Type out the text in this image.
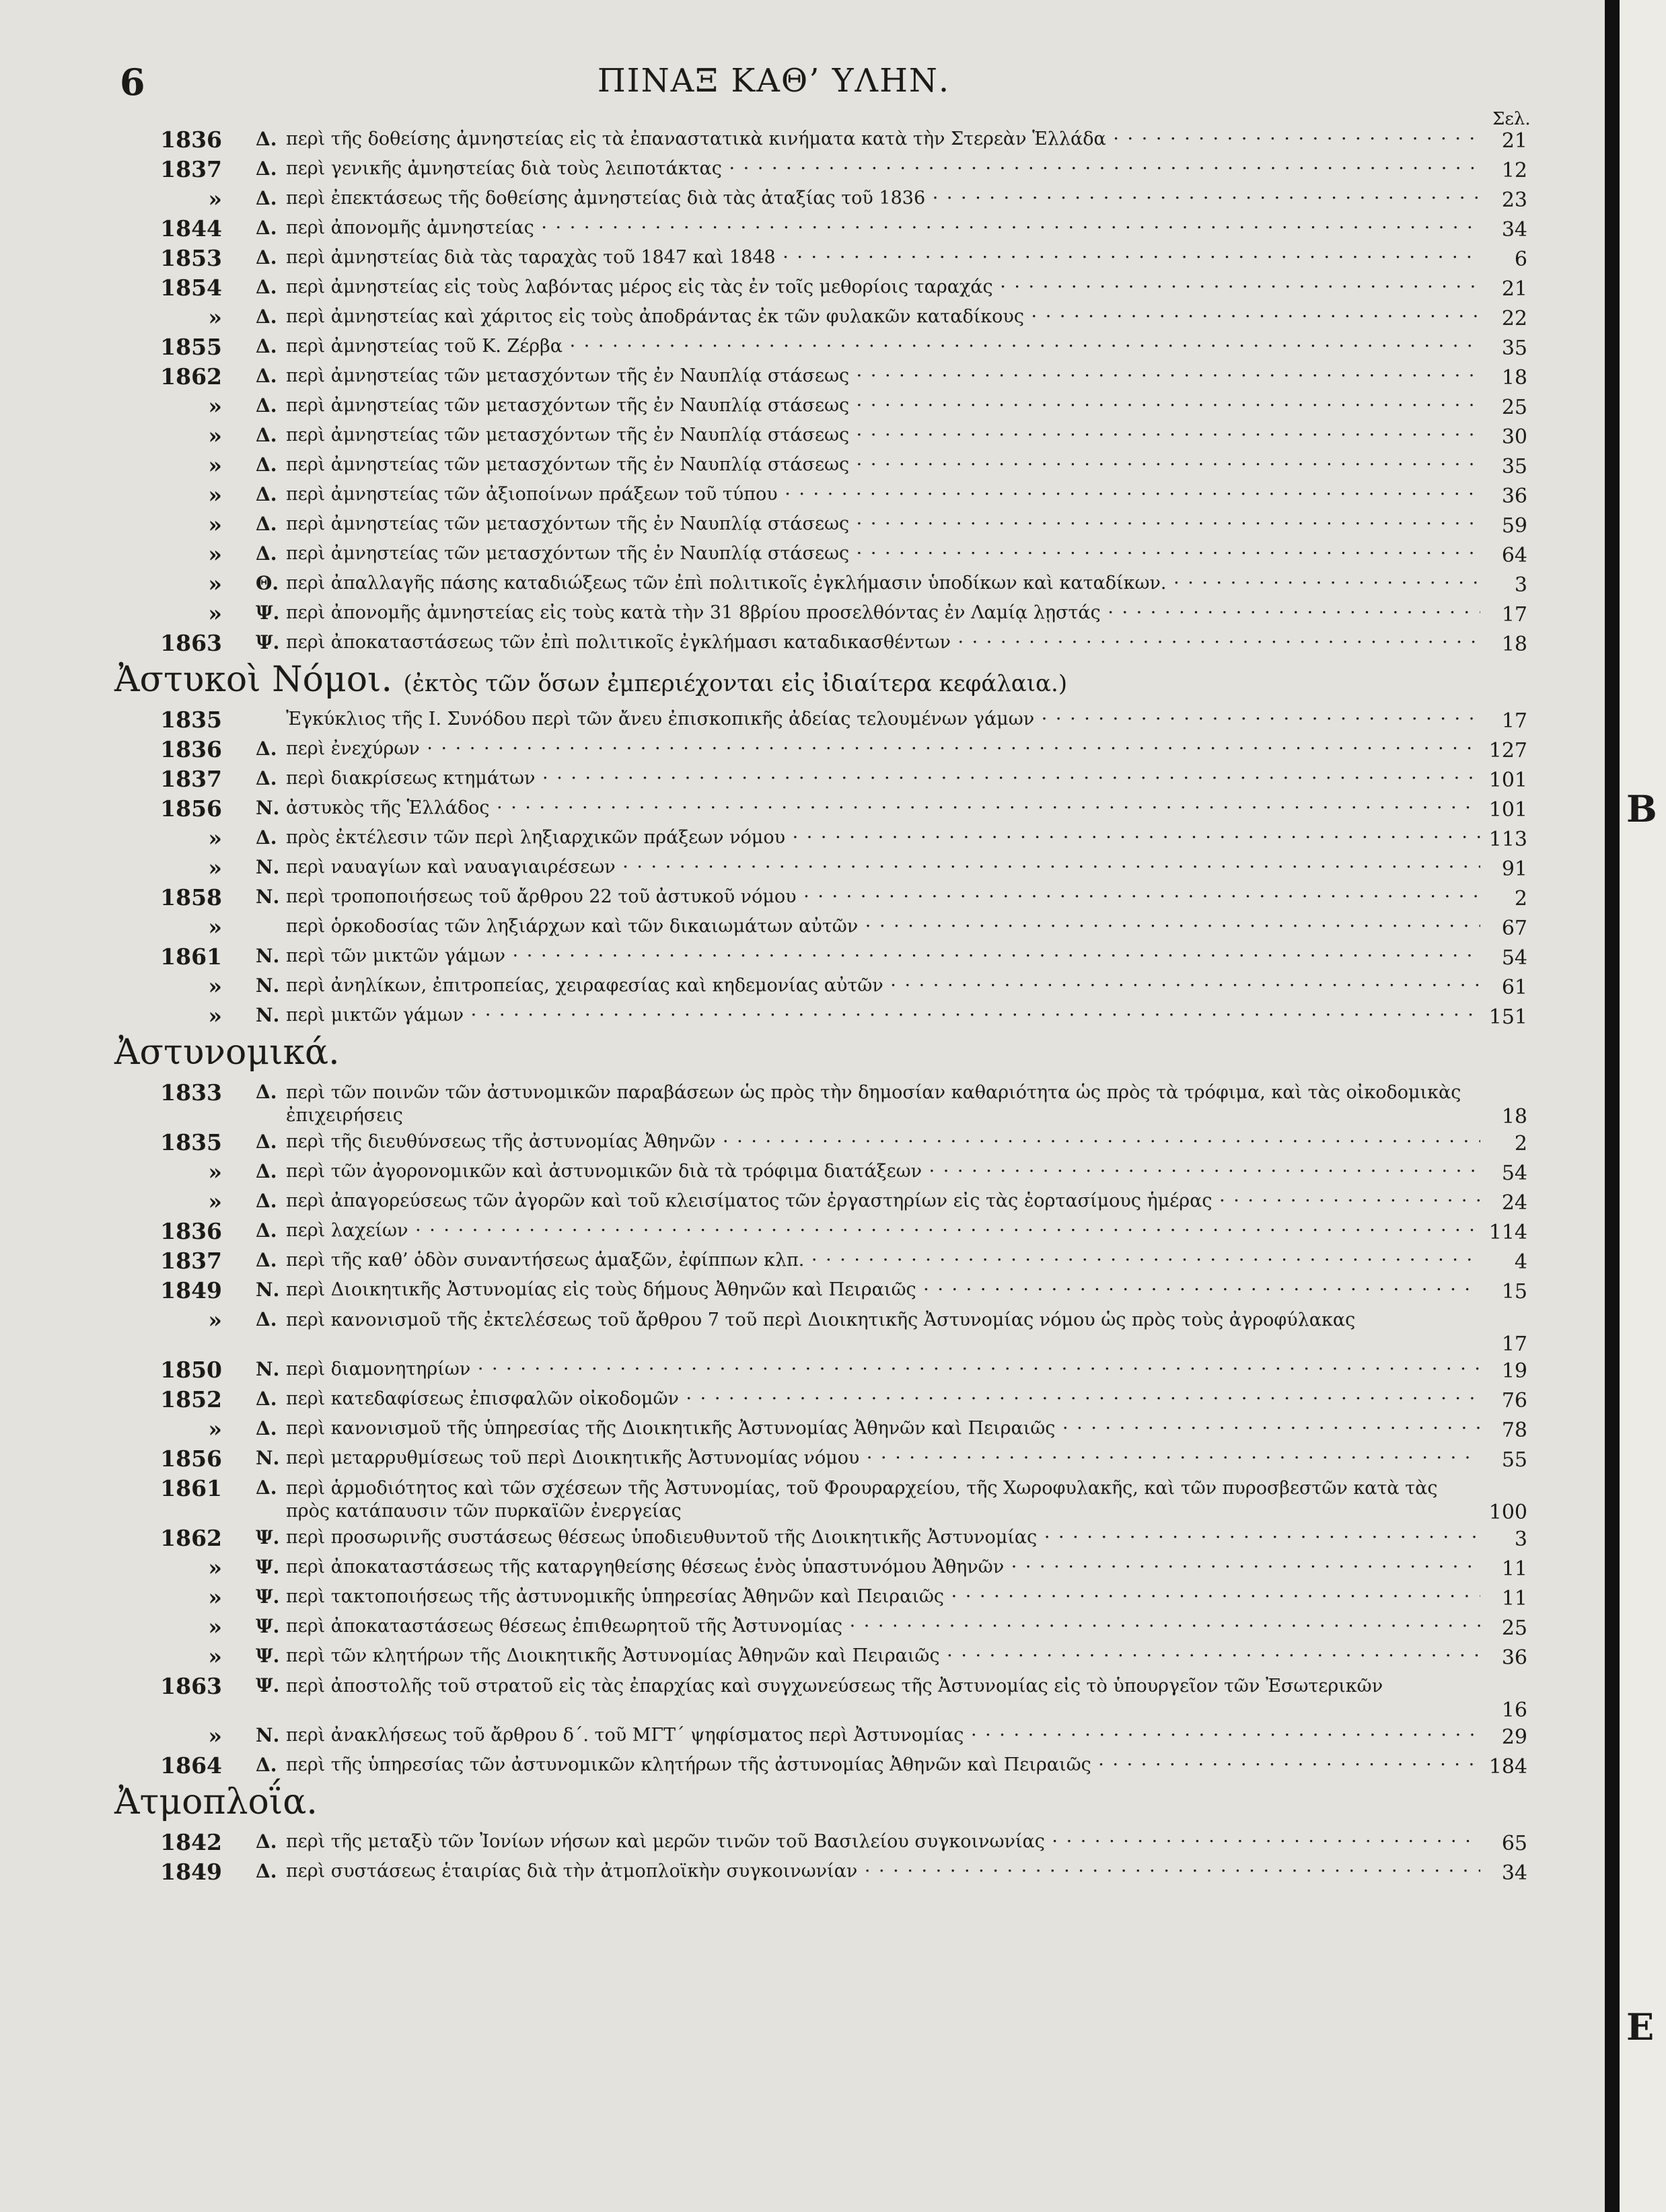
6	ΠΙΝΑΞ ΚΑΘ’ ΥΛΗΝ.
Σελ.
1836 Δ. περὶ τῆς δοθείσης ἀμνηστείας εἰς τὰ ἐπαναστατικὰ κινήματα κατὰ τὴν Στερεὰν Ἑλλάδα · · ·	21
1837 Δ. περὶ γενικῆς ἀμνηστείας διὰ τοὺς λειποτάκτας · · ·	12
» Δ. περὶ ἐπεκτάσεως τῆς δοθείσης ἀμνηστείας διὰ τὰς ἀταξίας τοῦ 1836 · · ·	23
1844 Δ. περὶ ἀπονομῆς ἀμνηστείας · · ·	34
1853 Δ. περὶ ἀμνηστείας διὰ τὰς ταραχὰς τοῦ 1847 καὶ 1848 · · ·	6
1854 Δ. περὶ ἀμνηστείας εἰς τοὺς λαβόντας μέρος εἰς τὰς ἐν τοῖς μεθορίοις ταραχάς · · ·	21
» Δ. περὶ ἀμνηστείας καὶ χάριτος εἰς τοὺς ἀποδράντας ἐκ τῶν φυλακῶν καταδίκους · · ·	22
1855 Δ. περὶ ἀμνηστείας τοῦ Κ. Ζέρβα · · ·	35
1862 Δ. περὶ ἀμνηστείας τῶν μετασχόντων τῆς ἐν Ναυπλίᾳ στάσεως · · ·	18
» Δ. περὶ ἀμνηστείας τῶν μετασχόντων τῆς ἐν Ναυπλίᾳ στάσεως · · ·	25
» Δ. περὶ ἀμνηστείας τῶν μετασχόντων τῆς ἐν Ναυπλίᾳ στάσεως · · ·	30
» Δ. περὶ ἀμνηστείας τῶν μετασχόντων τῆς ἐν Ναυπλίᾳ στάσεως · · ·	35
» Δ. περὶ ἀμνηστείας τῶν ἀξιοποίνων πράξεων τοῦ τύπου · · ·	36
» Δ. περὶ ἀμνηστείας τῶν μετασχόντων τῆς ἐν Ναυπλίᾳ στάσεως · · ·	59
» Δ. περὶ ἀμνηστείας τῶν μετασχόντων τῆς ἐν Ναυπλίᾳ στάσεως · · ·	64
» Θ. περὶ ἀπαλλαγῆς πάσης καταδιώξεως τῶν ἐπὶ πολιτικοῖς ἐγκλήμασιν ὑποδίκων καὶ καταδίκων. · · ·	3
» Ψ. περὶ ἀπονομῆς ἀμνηστείας εἰς τοὺς κατὰ τὴν 31 8βρίου προσελθόντας ἐν Λαμίᾳ λῃστάς · · ·	17
1863 Ψ. περὶ ἀποκαταστάσεως τῶν ἐπὶ πολιτικοῖς ἐγκλήμασι καταδικασθέντων · · ·	18
Ἀστυκοὶ Νόμοι. (ἐκτὸς τῶν ὅσων ἐμπεριέχονται εἰς ἰδιαίτερα κεφάλαια.)
1835	Ἐγκύκλιος τῆς Ι. Συνόδου περὶ τῶν ἄνευ ἐπισκοπικῆς ἀδείας τελουμένων γάμων · · ·	17
1836 Δ. περὶ ἐνεχύρων · · ·	127
1837 Δ. περὶ διακρίσεως κτημάτων · · ·	101
1856 Ν. ἀστυκὸς τῆς Ἑλλάδος · · ·	101
» Δ. πρὸς ἐκτέλεσιν τῶν περὶ ληξιαρχικῶν πράξεων νόμου · · ·	113
» Ν. περὶ ναυαγίων καὶ ναυαγιαιρέσεων · · ·	91
1858 Ν. περὶ τροποποιήσεως τοῦ ἄρθρου 22 τοῦ ἀστυκοῦ νόμου · · ·	2
»	περὶ ὁρκοδοσίας τῶν ληξιάρχων καὶ τῶν δικαιωμάτων αὐτῶν · · ·	67
1861 Ν. περὶ τῶν μικτῶν γάμων · · ·	54
» Ν. περὶ ἀνηλίκων, ἐπιτροπείας, χειραφεσίας καὶ κηδεμονίας αὐτῶν · · ·	61
» Ν. περὶ μικτῶν γάμων · · ·	151
Ἀστυνομικά.
1833 Δ. περὶ τῶν ποινῶν τῶν ἀστυνομικῶν παραβάσεων ὡς πρὸς τὴν δημοσίαν καθαριότητα ὡς πρὸς τὰ τρόφιμα, καὶ τὰς οἰκοδομικὰς ἐπιχειρήσεις	18
1835 Δ. περὶ τῆς διευθύνσεως τῆς ἀστυνομίας Ἀθηνῶν · · ·	2
» Δ. περὶ τῶν ἀγορονομικῶν καὶ ἀστυνομικῶν διὰ τὰ τρόφιμα διατάξεων · · ·	54
» Δ. περὶ ἀπαγορεύσεως τῶν ἀγορῶν καὶ τοῦ κλεισίματος τῶν ἐργαστηρίων εἰς τὰς ἑορτασίμους ἡμέρας · · ·	24
1836 Δ. περὶ λαχείων · · ·	114
1837 Δ. περὶ τῆς καθ’ ὁδὸν συναντήσεως ἁμαξῶν, ἐφίππων κλπ. · · ·	4
1849 Ν. περὶ Διοικητικῆς Ἀστυνομίας εἰς τοὺς δήμους Ἀθηνῶν καὶ Πειραιῶς · · ·	15
» Δ. περὶ κανονισμοῦ τῆς ἐκτελέσεως τοῦ ἄρθρου 7 τοῦ περὶ Διοικητικῆς Ἀστυνομίας νόμου ὡς πρὸς τοὺς ἀγροφύλακας
17
1850 Ν. περὶ διαμονητηρίων · · ·	19
1852 Δ. περὶ κατεδαφίσεως ἐπισφαλῶν οἰκοδομῶν · · ·	76
» Δ. περὶ κανονισμοῦ τῆς ὑπηρεσίας τῆς Διοικητικῆς Ἀστυνομίας Ἀθηνῶν καὶ Πειραιῶς · · ·	78
1856 Ν. περὶ μεταρρυθμίσεως τοῦ περὶ Διοικητικῆς Ἀστυνομίας νόμου · · ·	55
1861 Δ. περὶ ἁρμοδιότητος καὶ τῶν σχέσεων τῆς Ἀστυνομίας, τοῦ Φρουραρχείου, τῆς Χωροφυλακῆς, καὶ τῶν πυροσβεστῶν κατὰ τὰς πρὸς κατάπαυσιν τῶν πυρκαϊῶν ἐνεργείας	100
1862 Ψ. περὶ προσωρινῆς συστάσεως θέσεως ὑποδιευθυντοῦ τῆς Διοικητικῆς Ἀστυνομίας · · ·	3
» Ψ. περὶ ἀποκαταστάσεως τῆς καταργηθείσης θέσεως ἑνὸς ὑπαστυνόμου Ἀθηνῶν · · ·	11
» Ψ. περὶ τακτοποιήσεως τῆς ἀστυνομικῆς ὑπηρεσίας Ἀθηνῶν καὶ Πειραιῶς · · ·	11
» Ψ. περὶ ἀποκαταστάσεως θέσεως ἐπιθεωρητοῦ τῆς Ἀστυνομίας · · ·	25
» Ψ. περὶ τῶν κλητήρων τῆς Διοικητικῆς Ἀστυνομίας Ἀθηνῶν καὶ Πειραιῶς · · ·	36
1863 Ψ. περὶ ἀποστολῆς τοῦ στρατοῦ εἰς τὰς ἐπαρχίας καὶ συγχωνεύσεως τῆς Ἀστυνομίας εἰς τὸ ὑπουργεῖον τῶν Ἐσωτερικῶν
16
» Ν. περὶ ἀνακλήσεως τοῦ ἄρθρου δ΄. τοῦ ΜΓΤ΄ ψηφίσματος περὶ Ἀστυνομίας · · ·	29
1864 Δ. περὶ τῆς ὑπηρεσίας τῶν ἀστυνομικῶν κλητήρων τῆς ἀστυνομίας Ἀθηνῶν καὶ Πειραιῶς · · ·	184
Ἀτμοπλοΐα.
1842 Δ. περὶ τῆς μεταξὺ τῶν Ἰονίων νήσων καὶ μερῶν τινῶν τοῦ Βασιλείου συγκοινωνίας · · ·	65
1849 Δ. περὶ συστάσεως ἑταιρίας διὰ τὴν ἀτμοπλοϊκὴν συγκοινωνίαν · · ·	34
Β
Ε
